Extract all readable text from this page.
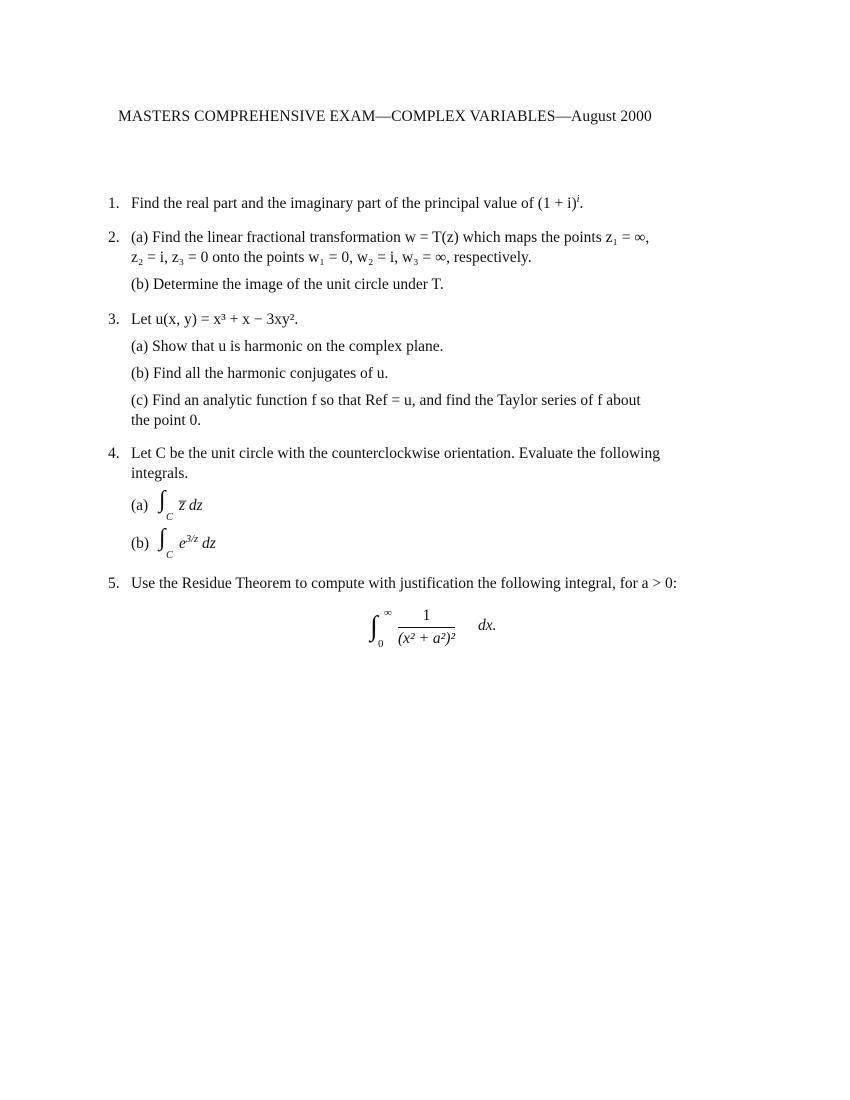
MASTERS COMPREHENSIVE EXAM—COMPLEX VARIABLES—August 2000
1. Find the real part and the imaginary part of the principal value of $(1 + i)^i$.
2. (a) Find the linear fractional transformation w = T(z) which maps the points z₁ = ∞,
z₂ = i, z₃ = 0 onto the points w₁ = 0, w₂ = i, w₃ = ∞, respectively.
(b) Determine the image of the unit circle under T.
3. Let u(x, y) = x³ + x − 3xy².
(a) Show that u is harmonic on the complex plane.
(b) Find all the harmonic conjugates of u.
(c) Find an analytic function f so that Ref = u, and find the Taylor series of f about
the point 0.
4. Let C be the unit circle with the counterclockwise orientation. Evaluate the following
integrals.
(a) ∫
C
z̅ dz
(b) ∫
C
$e^{3/z}$ dz
5. Use the Residue Theorem to compute with justification the following integral, for a > 0:
∫ ∞
$0 \frac{1}{\text{(x² + a²)²}}$ dx.
